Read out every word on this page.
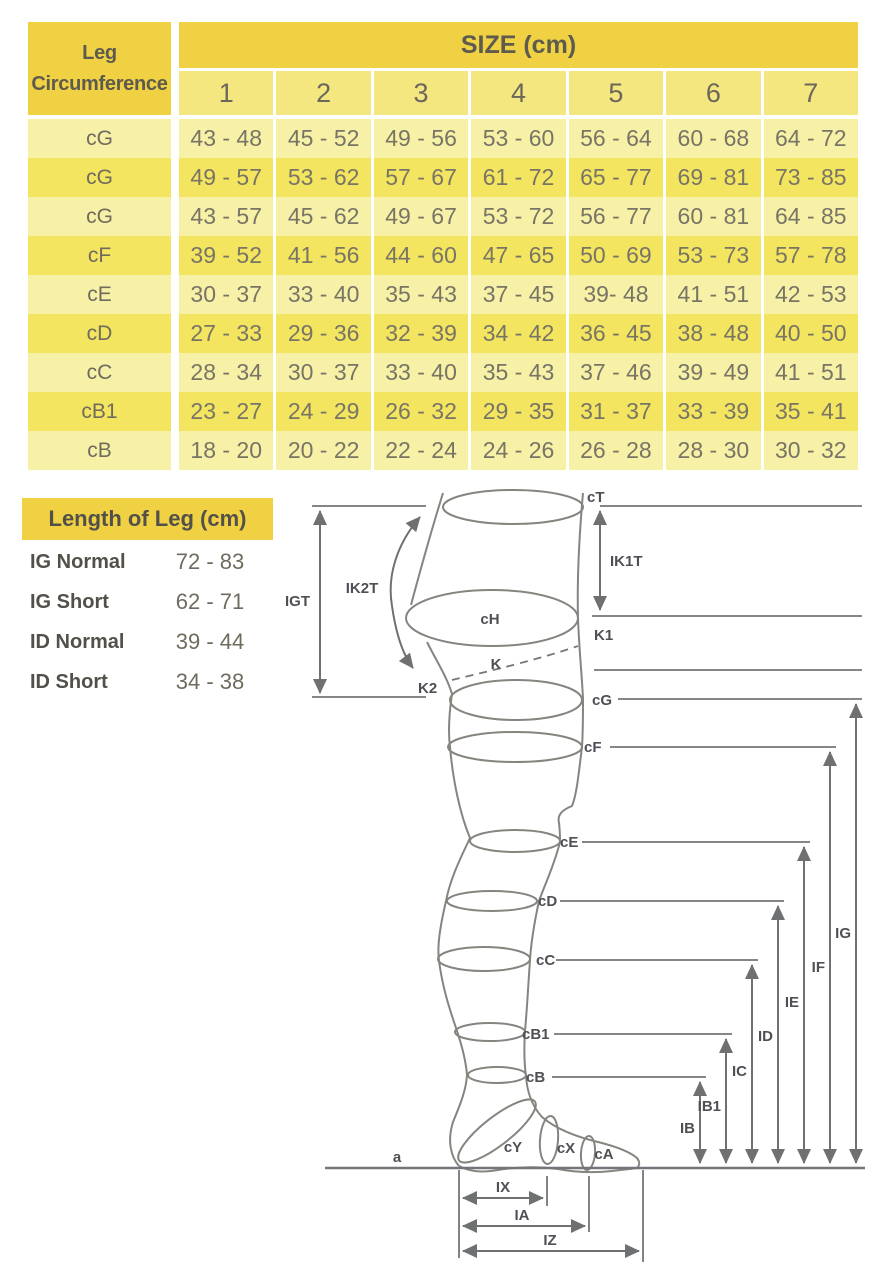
Leg
Circumference
SIZE (cm)
1	2	3	4	5	6	7
cG	43 - 48	45 - 52	49 - 56	53 - 60	56 - 64	60 - 68	64 - 72
cG	49 - 57	53 - 62	57 - 67	61 - 72	65 - 77	69 - 81	73 - 85
cG	43 - 57	45 - 62	49 - 67	53 - 72	56 - 77	60 - 81	64 - 85
cF	39 - 52	41 - 56	44 - 60	47 - 65	50 - 69	53 - 73	57 - 78
cE	30 - 37	33 - 40	35 - 43	37 - 45	39- 48	41 - 51	42 - 53
cD	27 - 33	29 - 36	32 - 39	34 - 42	36 - 45	38 - 48	40 - 50
cC	28 - 34	30 - 37	33 - 40	35 - 43	37 - 46	39 - 49	41 - 51
cB1	23 - 27	24 - 29	26 - 32	29 - 35	31 - 37	33 - 39	35 - 41
cB	18 - 20	20 - 22	22 - 24	24 - 26	26 - 28	28 - 30	30 - 32
Length of Leg (cm)
IG Normal	72 - 83
IG Short	62 - 71
ID Normal	39 - 44
ID Short	34 - 38
cT
IK1T
IK2T
IGT
cH
K1
K
K2
cG
cF
cE
cD
cC
cB1
cB
IG
IF
IE
ID
IC
IB1
IB
cY cX cA
a
IX
IA
IZ
